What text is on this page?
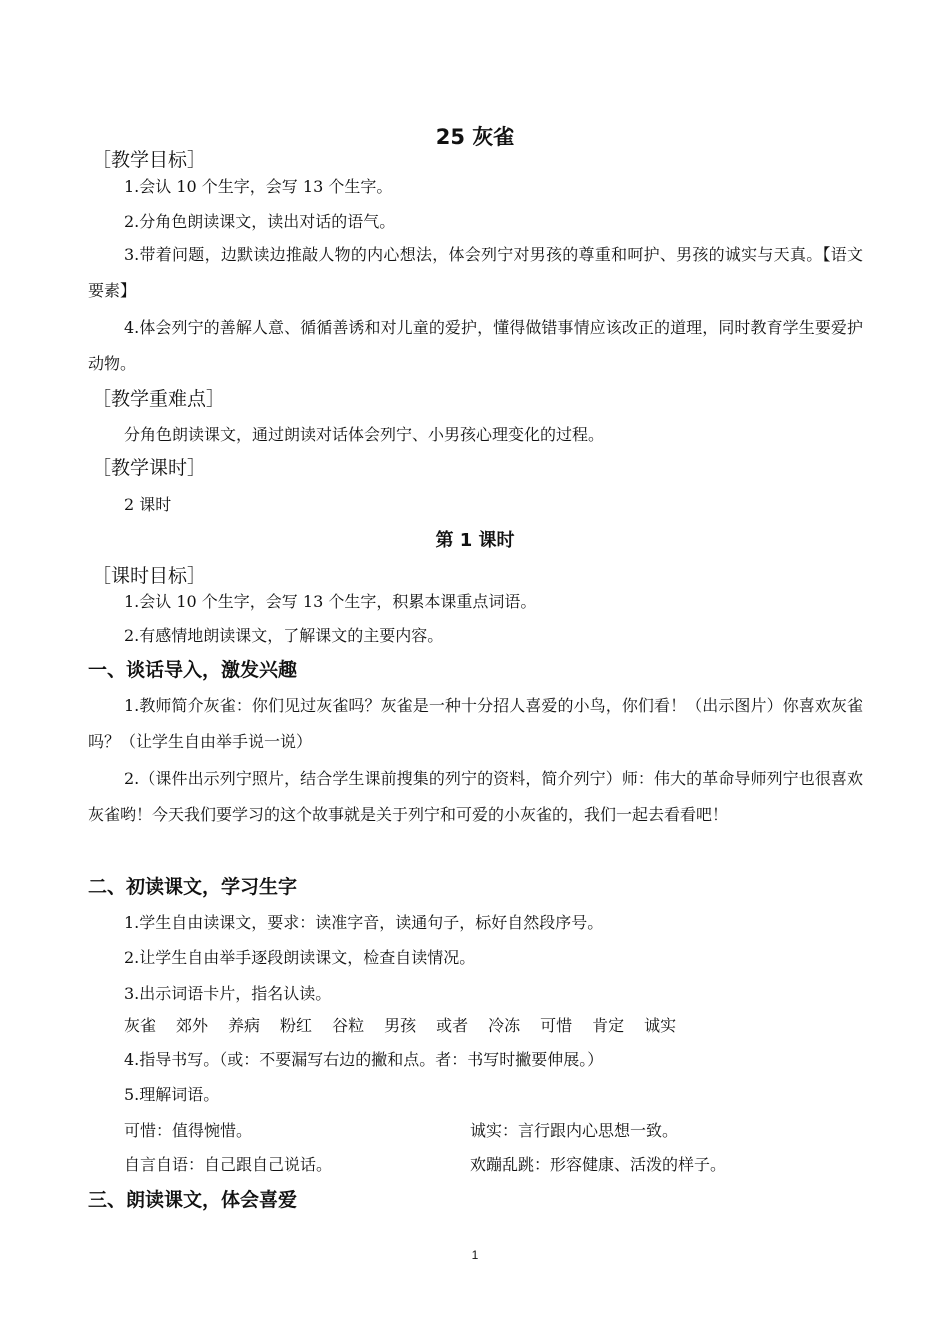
25 灰雀
［教学目标］
1.会认 10 个生字，会写 13 个生字。
2.分角色朗读课文，读出对话的语气。
3.带着问题，边默读边推敲人物的内心想法，体会列宁对男孩的尊重和呵护、男孩的诚实与天真。【语文要素】
4.体会列宁的善解人意、循循善诱和对儿童的爱护，懂得做错事情应该改正的道理，同时教育学生要爱护动物。
［教学重难点］
分角色朗读课文，通过朗读对话体会列宁、小男孩心理变化的过程。
［教学课时］
2 课时
第 1 课时
［课时目标］
1.会认 10 个生字，会写 13 个生字，积累本课重点词语。
2.有感情地朗读课文，了解课文的主要内容。
一、谈话导入，激发兴趣
1.教师简介灰雀：你们见过灰雀吗？灰雀是一种十分招人喜爱的小鸟，你们看！（出示图片）你喜欢灰雀吗？（让学生自由举手说一说）
2.（课件出示列宁照片，结合学生课前搜集的列宁的资料，简介列宁）师：伟大的革命导师列宁也很喜欢灰雀哟！今天我们要学习的这个故事就是关于列宁和可爱的小灰雀的，我们一起去看看吧！
二、初读课文，学习生字
1.学生自由读课文，要求：读准字音，读通句子，标好自然段序号。
2.让学生自由举手逐段朗读课文，检查自读情况。
3.出示词语卡片，指名认读。
灰雀 郊外 养病 粉红 谷粒 男孩 或者 冷冻 可惜 肯定 诚实
4.指导书写。（或：不要漏写右边的撇和点。者：书写时撇要伸展。）
5.理解词语。
可惜：值得惋惜。	诚实：言行跟内心思想一致。
自言自语：自己跟自己说话。	欢蹦乱跳：形容健康、活泼的样子。
三、朗读课文，体会喜爱
1
